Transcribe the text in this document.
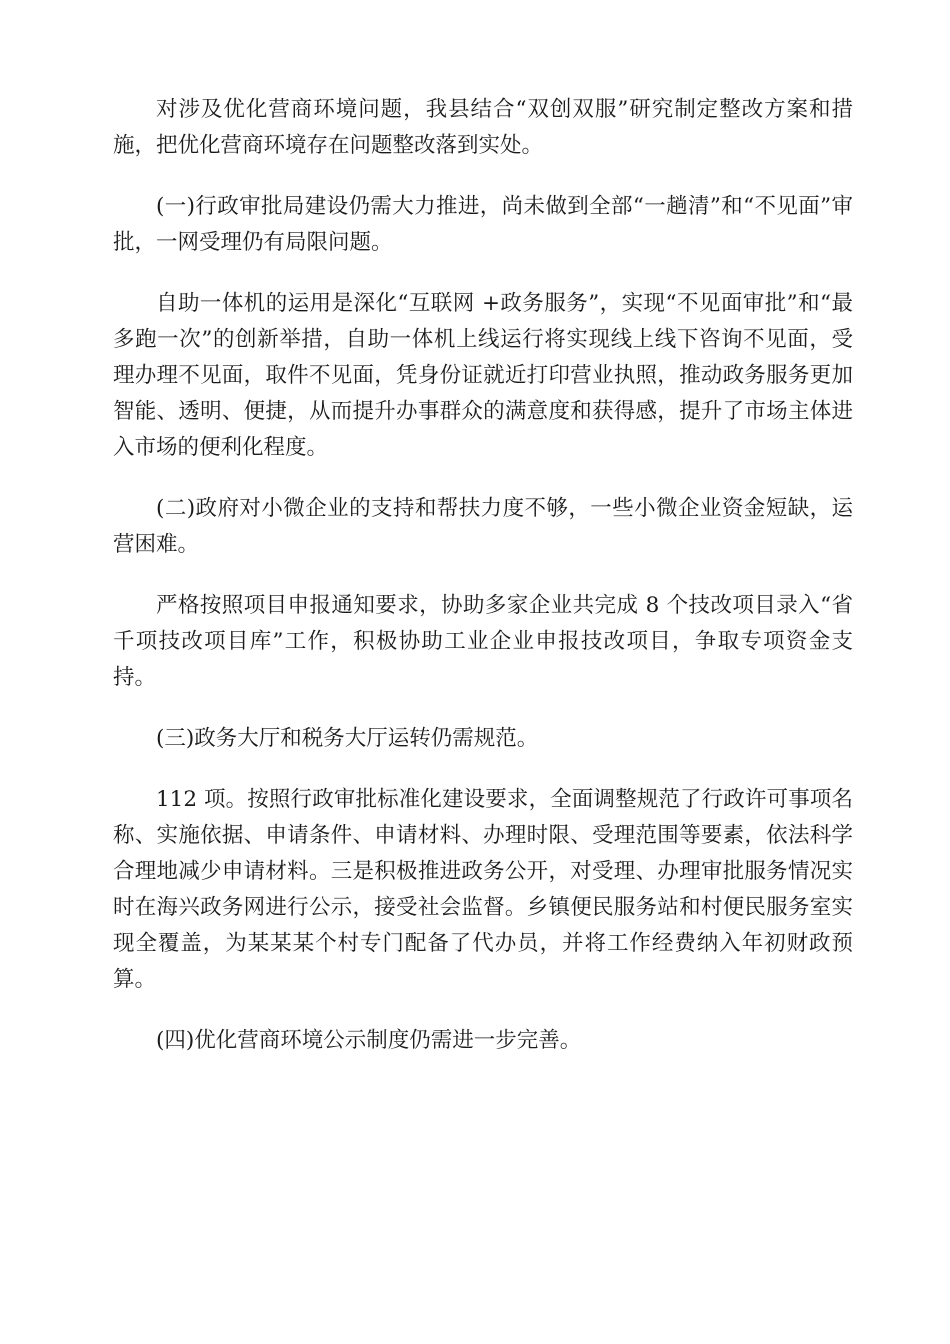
对涉及优化营商环境问题，我县结合“双创双服”研究制定整改方案和措施，把优化营商环境存在问题整改落到实处。

(一)行政审批局建设仍需大力推进，尚未做到全部“一趟清”和“不见面”审批，一网受理仍有局限问题。

自助一体机的运用是深化“互联网 +政务服务”，实现“不见面审批”和“最多跑一次”的创新举措，自助一体机上线运行将实现线上线下咨询不见面，受理办理不见面，取件不见面，凭身份证就近打印营业执照，推动政务服务更加智能、透明、便捷，从而提升办事群众的满意度和获得感，提升了市场主体进入市场的便利化程度。

(二)政府对小微企业的支持和帮扶力度不够，一些小微企业资金短缺，运营困难。

严格按照项目申报通知要求，协助多家企业共完成 8 个技改项目录入“省千项技改项目库”工作，积极协助工业企业申报技改项目，争取专项资金支持。

(三)政务大厅和税务大厅运转仍需规范。

112 项。按照行政审批标准化建设要求，全面调整规范了行政许可事项名称、实施依据、申请条件、申请材料、办理时限、受理范围等要素，依法科学合理地减少申请材料。三是积极推进政务公开，对受理、办理审批服务情况实时在海兴政务网进行公示，接受社会监督。乡镇便民服务站和村便民服务室实现全覆盖，为某某某个村专门配备了代办员，并将工作经费纳入年初财政预算。

(四)优化营商环境公示制度仍需进一步完善。
